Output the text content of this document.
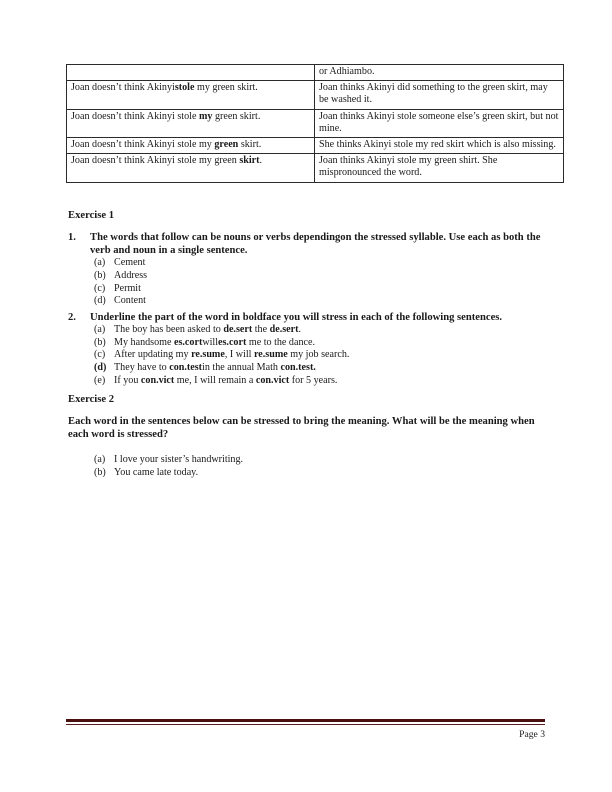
	or Adhiambo.
Joan doesn’t think Akinyistole my green skirt.	Joan thinks Akinyi did something to the green skirt, may be washed it.
Joan doesn’t think Akinyi stole my green skirt.	Joan thinks Akinyi stole someone else’s green skirt, but not mine.
Joan doesn’t think Akinyi stole my green skirt.	She thinks Akinyi stole my red skirt which is also missing.
Joan doesn’t think Akinyi stole my green skirt.	Joan thinks Akinyi stole my green shirt. She mispronounced the word.
Exercise 1
1.	The words that follow can be nouns or verbs dependingon the stressed syllable. Use each as both the verb and noun in a single sentence.
(a) Cement
(b) Address
(c) Permit
(d) Content
2.	Underline the part of the word in boldface you will stress in each of the following sentences.
(a) The boy has been asked to de.sert the de.sert.
(b) My handsome es.cortwilles.cort me to the dance.
(c) After updating my re.sume, I will re.sume my job search.
(d) They have to con.testin the annual Math con.test.
(e) If you con.vict me, I will remain a con.vict for 5 years.
Exercise 2
Each word in the sentences below can be stressed to bring the meaning. What will be the meaning when each word is stressed?
(a) I love your sister’s handwriting.
(b) You came late today.
Page 3
